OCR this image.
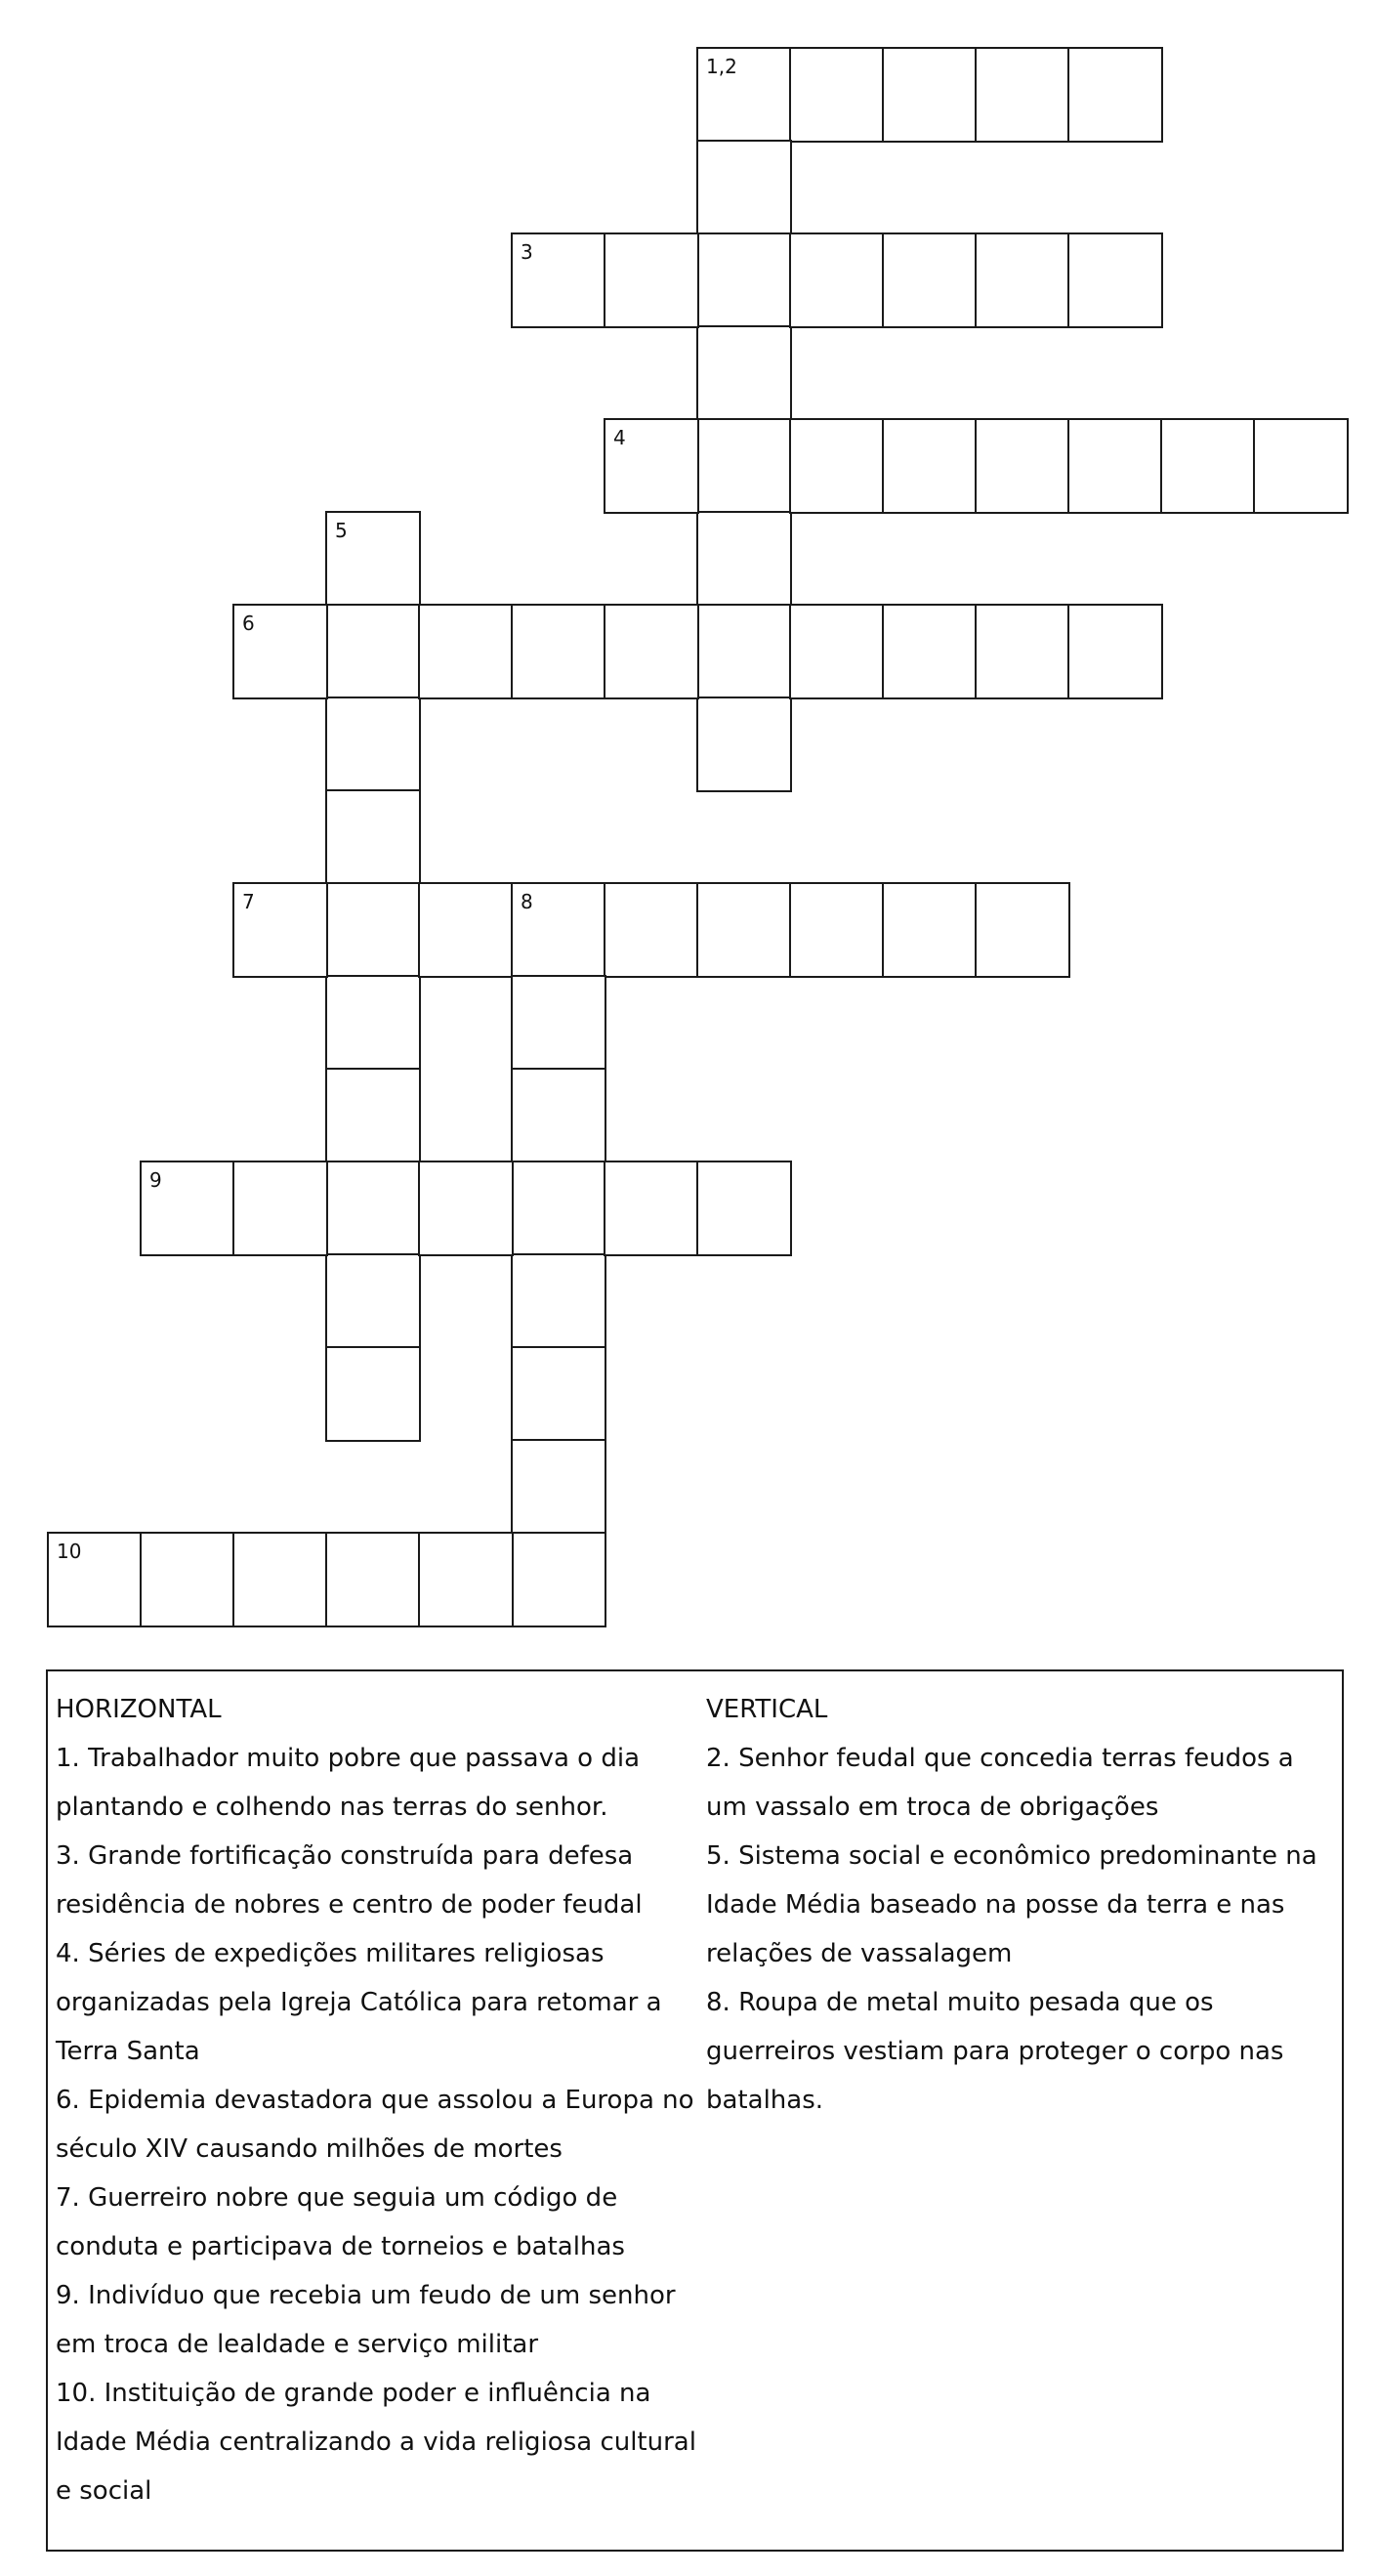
1,2
3
4
5
6
7	8
9
10

HORIZONTAL

1. Trabalhador muito pobre que passava o dia plantando e colhendo nas terras do senhor.

3. Grande fortificação construída para defesa residência de nobres e centro de poder feudal

4. Séries de expedições militares religiosas organizadas pela Igreja Católica para retomar a Terra Santa

6. Epidemia devastadora que assolou a Europa no século XIV causando milhões de mortes

7. Guerreiro nobre que seguia um código de conduta e participava de torneios e batalhas

9. Indivíduo que recebia um feudo de um senhor em troca de lealdade e serviço militar

10. Instituição de grande poder e influência na Idade Média centralizando a vida religiosa cultural e social

VERTICAL

2. Senhor feudal que concedia terras feudos a um vassalo em troca de obrigações

5. Sistema social e econômico predominante na Idade Média baseado na posse da terra e nas relações de vassalagem

8. Roupa de metal muito pesada que os guerreiros vestiam para proteger o corpo nas batalhas.
